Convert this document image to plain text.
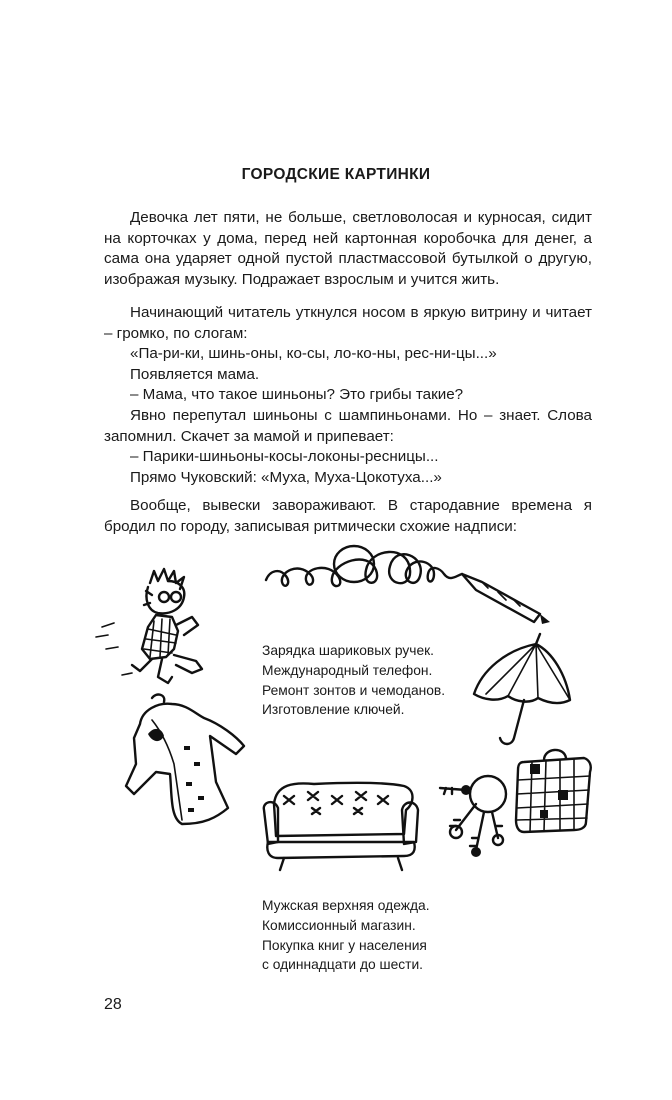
ГОРОДСКИЕ КАРТИНКИ

Девочка лет пяти, не больше, светловолосая и курносая, сидит на корточках у дома, перед ней картонная коробочка для денег, а сама она ударяет одной пустой пластмассовой бутылкой о другую, изображая музыку. Подражает взрослым и учится жить.

Начинающий читатель уткнулся носом в яркую витрину и читает – громко, по слогам:

«Па-ри-ки, шинь-оны, ко-сы, ло-ко-ны, рес-ни-цы...»

Появляется мама.

– Мама, что такое шиньоны? Это грибы такие?

Явно перепутал шиньоны с шампиньонами. Но – знает. Слова запомнил. Скачет за мамой и припевает:

– Парики-шиньоны-косы-локоны-ресницы...

Прямо Чуковский: «Муха, Муха-Цокотуха...»

Вообще, вывески завораживают. В стародавние времена я бродил по городу, записывая ритмически схожие надписи:

Зарядка шариковых ручек.
Международный телефон.
Ремонт зонтов и чемоданов.
Изготовление ключей.
Мужская верхняя одежда.
Комиссионный магазин.
Покупка книг у населения
с одиннадцати до шести.
28
